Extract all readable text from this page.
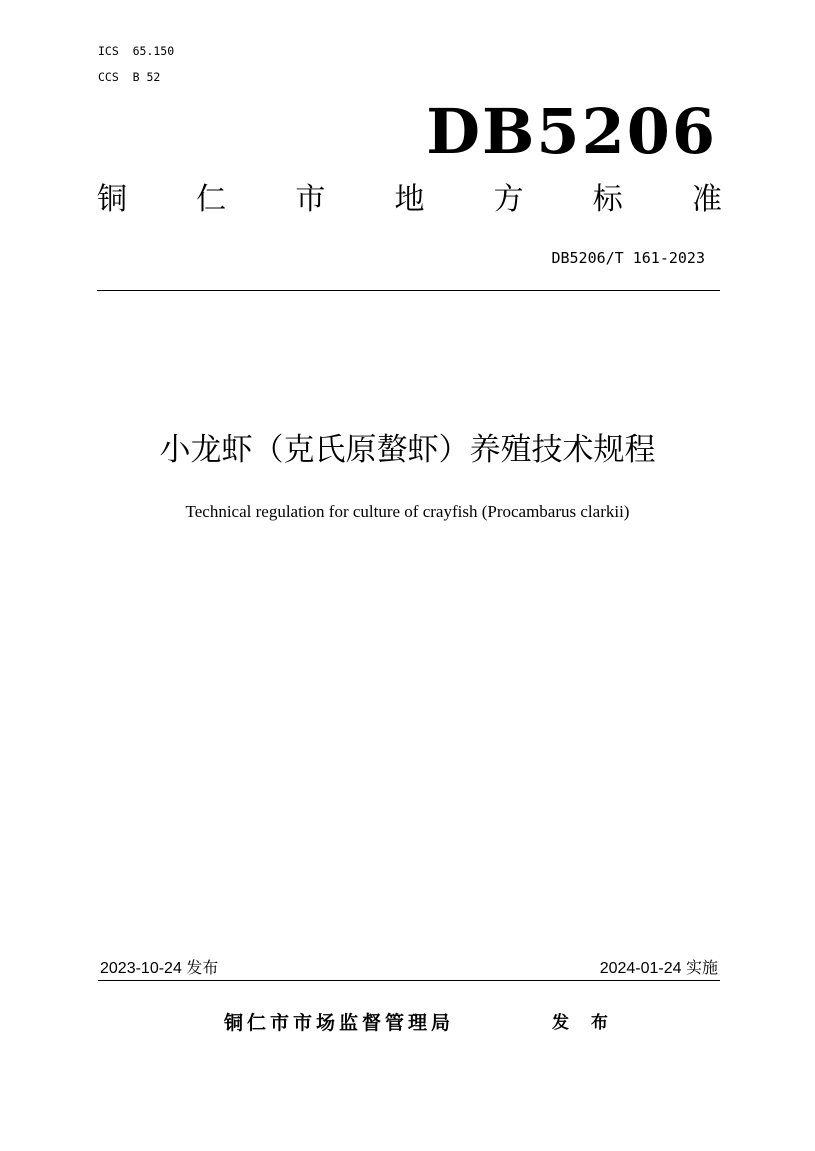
ICS  65.150
CCS  B 52
DB5206
铜 仁 市 地 方 标 准
DB5206/T 161-2023
小龙虾（克氏原螯虾）养殖技术规程
Technical regulation for culture of crayfish (Procambarus clarkii)
2023-10-24 发布	2024-01-24 实施
铜仁市市场监督管理局	发 布
